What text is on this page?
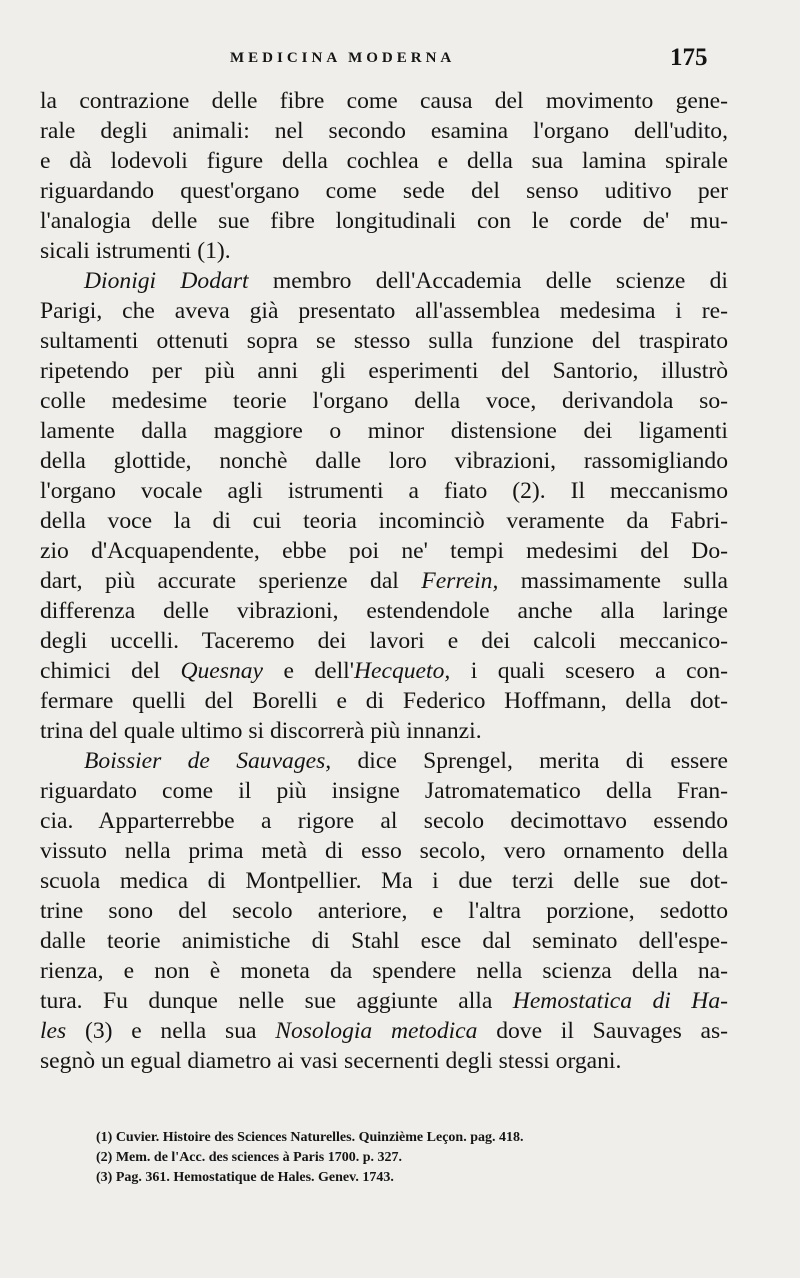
MEDICINA MODERNA	175
la contrazione delle fibre come causa del movimento gene-
rale degli animali: nel secondo esamina l'organo dell'udito,
e dà lodevoli figure della cochlea e della sua lamina spirale
riguardando quest'organo come sede del senso uditivo per
l'analogia delle sue fibre longitudinali con le corde de' mu-
sicali istrumenti (1).
Dionigi Dodart membro dell'Accademia delle scienze di
Parigi, che aveva già presentato all'assemblea medesima i re-
sultamenti ottenuti sopra se stesso sulla funzione del traspirato
ripetendo per più anni gli esperimenti del Santorio, illustrò
colle medesime teorie l'organo della voce, derivandola so-
lamente dalla maggiore o minor distensione dei ligamenti
della glottide, nonchè dalle loro vibrazioni, rassomigliando
l'organo vocale agli istrumenti a fiato (2). Il meccanismo
della voce la di cui teoria incominciò veramente da Fabri-
zio d'Acquapendente, ebbe poi ne' tempi medesimi del Do-
dart, più accurate sperienze dal Ferrein, massimamente sulla
differenza delle vibrazioni, estendendole anche alla laringe
degli uccelli. Taceremo dei lavori e dei calcoli meccanico-
chimici del Quesnay e dell'Hecqueto, i quali scesero a con-
fermare quelli del Borelli e di Federico Hoffmann, della dot-
trina del quale ultimo si discorrerà più innanzi.
Boissier de Sauvages, dice Sprengel, merita di essere
riguardato come il più insigne Jatromatematico della Fran-
cia. Apparterrebbe a rigore al secolo decimottavo essendo
vissuto nella prima metà di esso secolo, vero ornamento della
scuola medica di Montpellier. Ma i due terzi delle sue dot-
trine sono del secolo anteriore, e l'altra porzione, sedotto
dalle teorie animistiche di Stahl esce dal seminato dell'espe-
rienza, e non è moneta da spendere nella scienza della na-
tura. Fu dunque nelle sue aggiunte alla Hemostatica di Ha-
les (3) e nella sua Nosologia metodica dove il Sauvages as-
segnò un egual diametro ai vasi secernenti degli stessi organi.
(1) Cuvier. Histoire des Sciences Naturelles. Quinzième Leçon. pag. 418.
(2) Mem. de l'Acc. des sciences à Paris 1700. p. 327.
(3) Pag. 361. Hemostatique de Hales. Genev. 1743.
